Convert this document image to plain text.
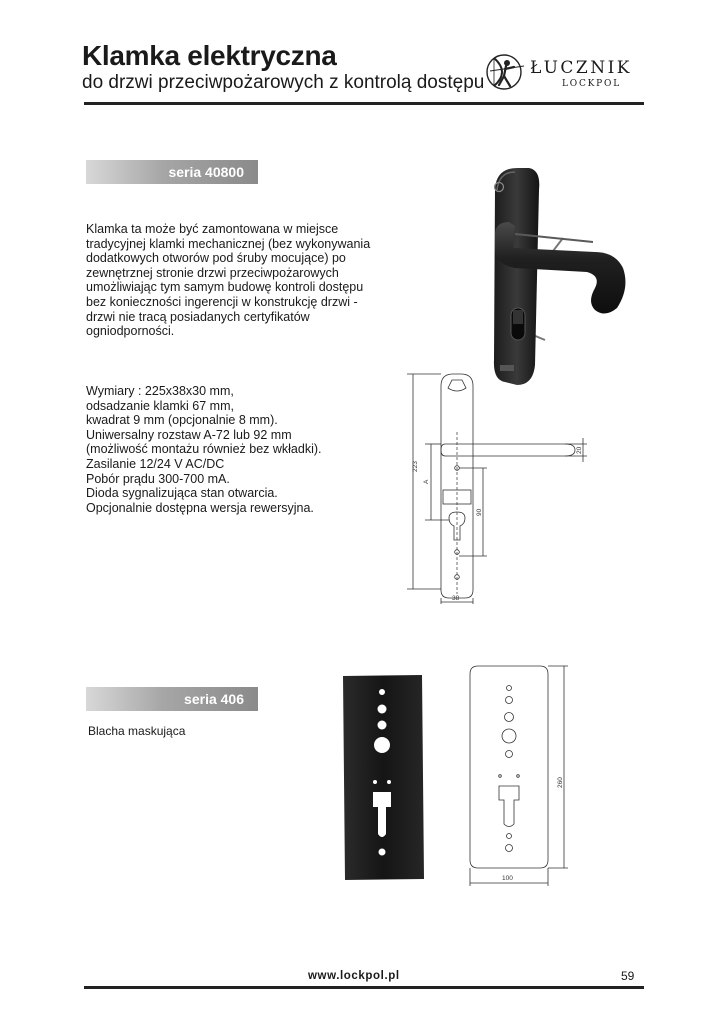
Klamka elektryczna

do drzwi przeciwpożarowych z kontrolą dostępu

ŁUCZNIK
LOCKPOL
seria 40800

Klamka ta może być zamontowana w miejsce tradycyjnej klamki mechanicznej (bez wykonywania dodatkowych otworów pod śruby mocujące) po zewnętrznej stronie drzwi przeciwpożarowych umożliwiając tym samym budowę kontroli dostępu bez konieczności ingerencji w konstrukcję drzwi - drzwi nie tracą posiadanych certyfikatów ogniodporności.

Wymiary : 225x38x30 mm,
odsadzanie klamki 67 mm,
kwadrat 9 mm (opcjonalnie 8 mm).
Uniwersalny rozstaw A-72 lub 92 mm
(możliwość montażu również bez wkładki).
Zasilanie 12/24 V AC/DC
Pobór prądu 300-700 mA.
Dioda sygnalizująca stan otwarcia.
Opcjonalnie dostępna wersja rewersyjna.
223
A
90
38
20
seria 406
Blacha maskująca
260
100
www.lockpol.pl	59
